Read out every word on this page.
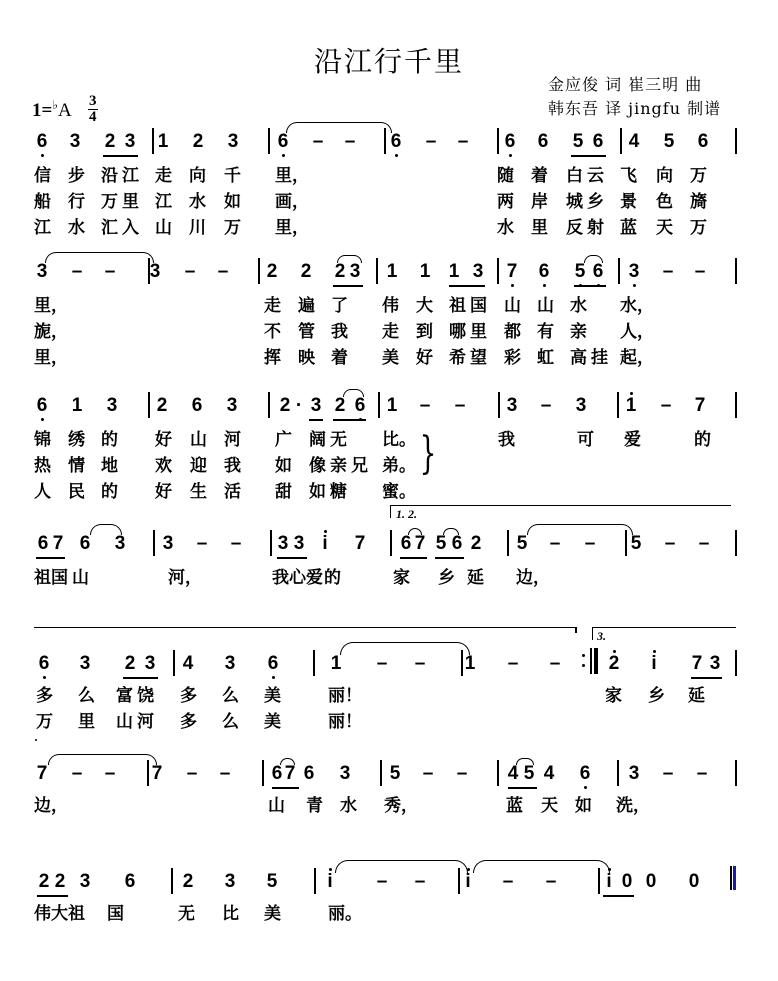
沿江行千里
金应俊 词 崔三明 曲
韩东吾 译 jingfu 制谱
1=♭A 3
4
6 3 2 3 1 2 3 6 – – 6 – – 6 6 5 6 4 5 6
信 步 沿 江 走 向 千 里，	随 着 白 云 飞 向 万
船 行 万 里 江 水 如 画，	两 岸 城 乡 景 色 旖
江 水 汇 入 山 川 万 里，	水 里 反 射 蓝 天 万
3 – – 3 – – 2 2 2 3 1 1 1 3 7 6 5 6 3 – –
里，	走 遍 了 伟 大 祖 国 山 山 水 水，
旎，	不 管 我 走 到 哪 里 都 有 亲 人，
里，	挥 映 着 美 好 希 望 彩 虹 高 挂 起，
6 1 3 2 6 3 2 · 3 2 6 1 – – 3 – 3 1 – 7
锦 绣 的 好 山 河 广 阔 无 比。	我	可 爱	的
热 情 地 欢 迎 我 如 像 亲 兄 弟。
人 民 的 好 生 活 甜 如 糖 蜜。
}
1. 2.
6 7 6 3 3 – – 3 3 i 7 6 7 5 6 2 5 – – 5 – –
祖国 山	河，	我心爱 的	家 乡 延 边，
3.
6 3 2 3 4 3 6	1 – – 1 – –	2 i 7 3
多 么 富 饶 多 么 美	丽！	家 乡 延
万 里 山 河 多 么 美	丽！
7 – – 7 – – 6 7 6 3 5 – – 4 5 4 6 3 – –
边，	山 青 水 秀，	蓝 天 如 洗，
2 2 3 6 2 3 5	i – – i – –	i 0 0 0
伟大祖 国	无 比 美	丽。
